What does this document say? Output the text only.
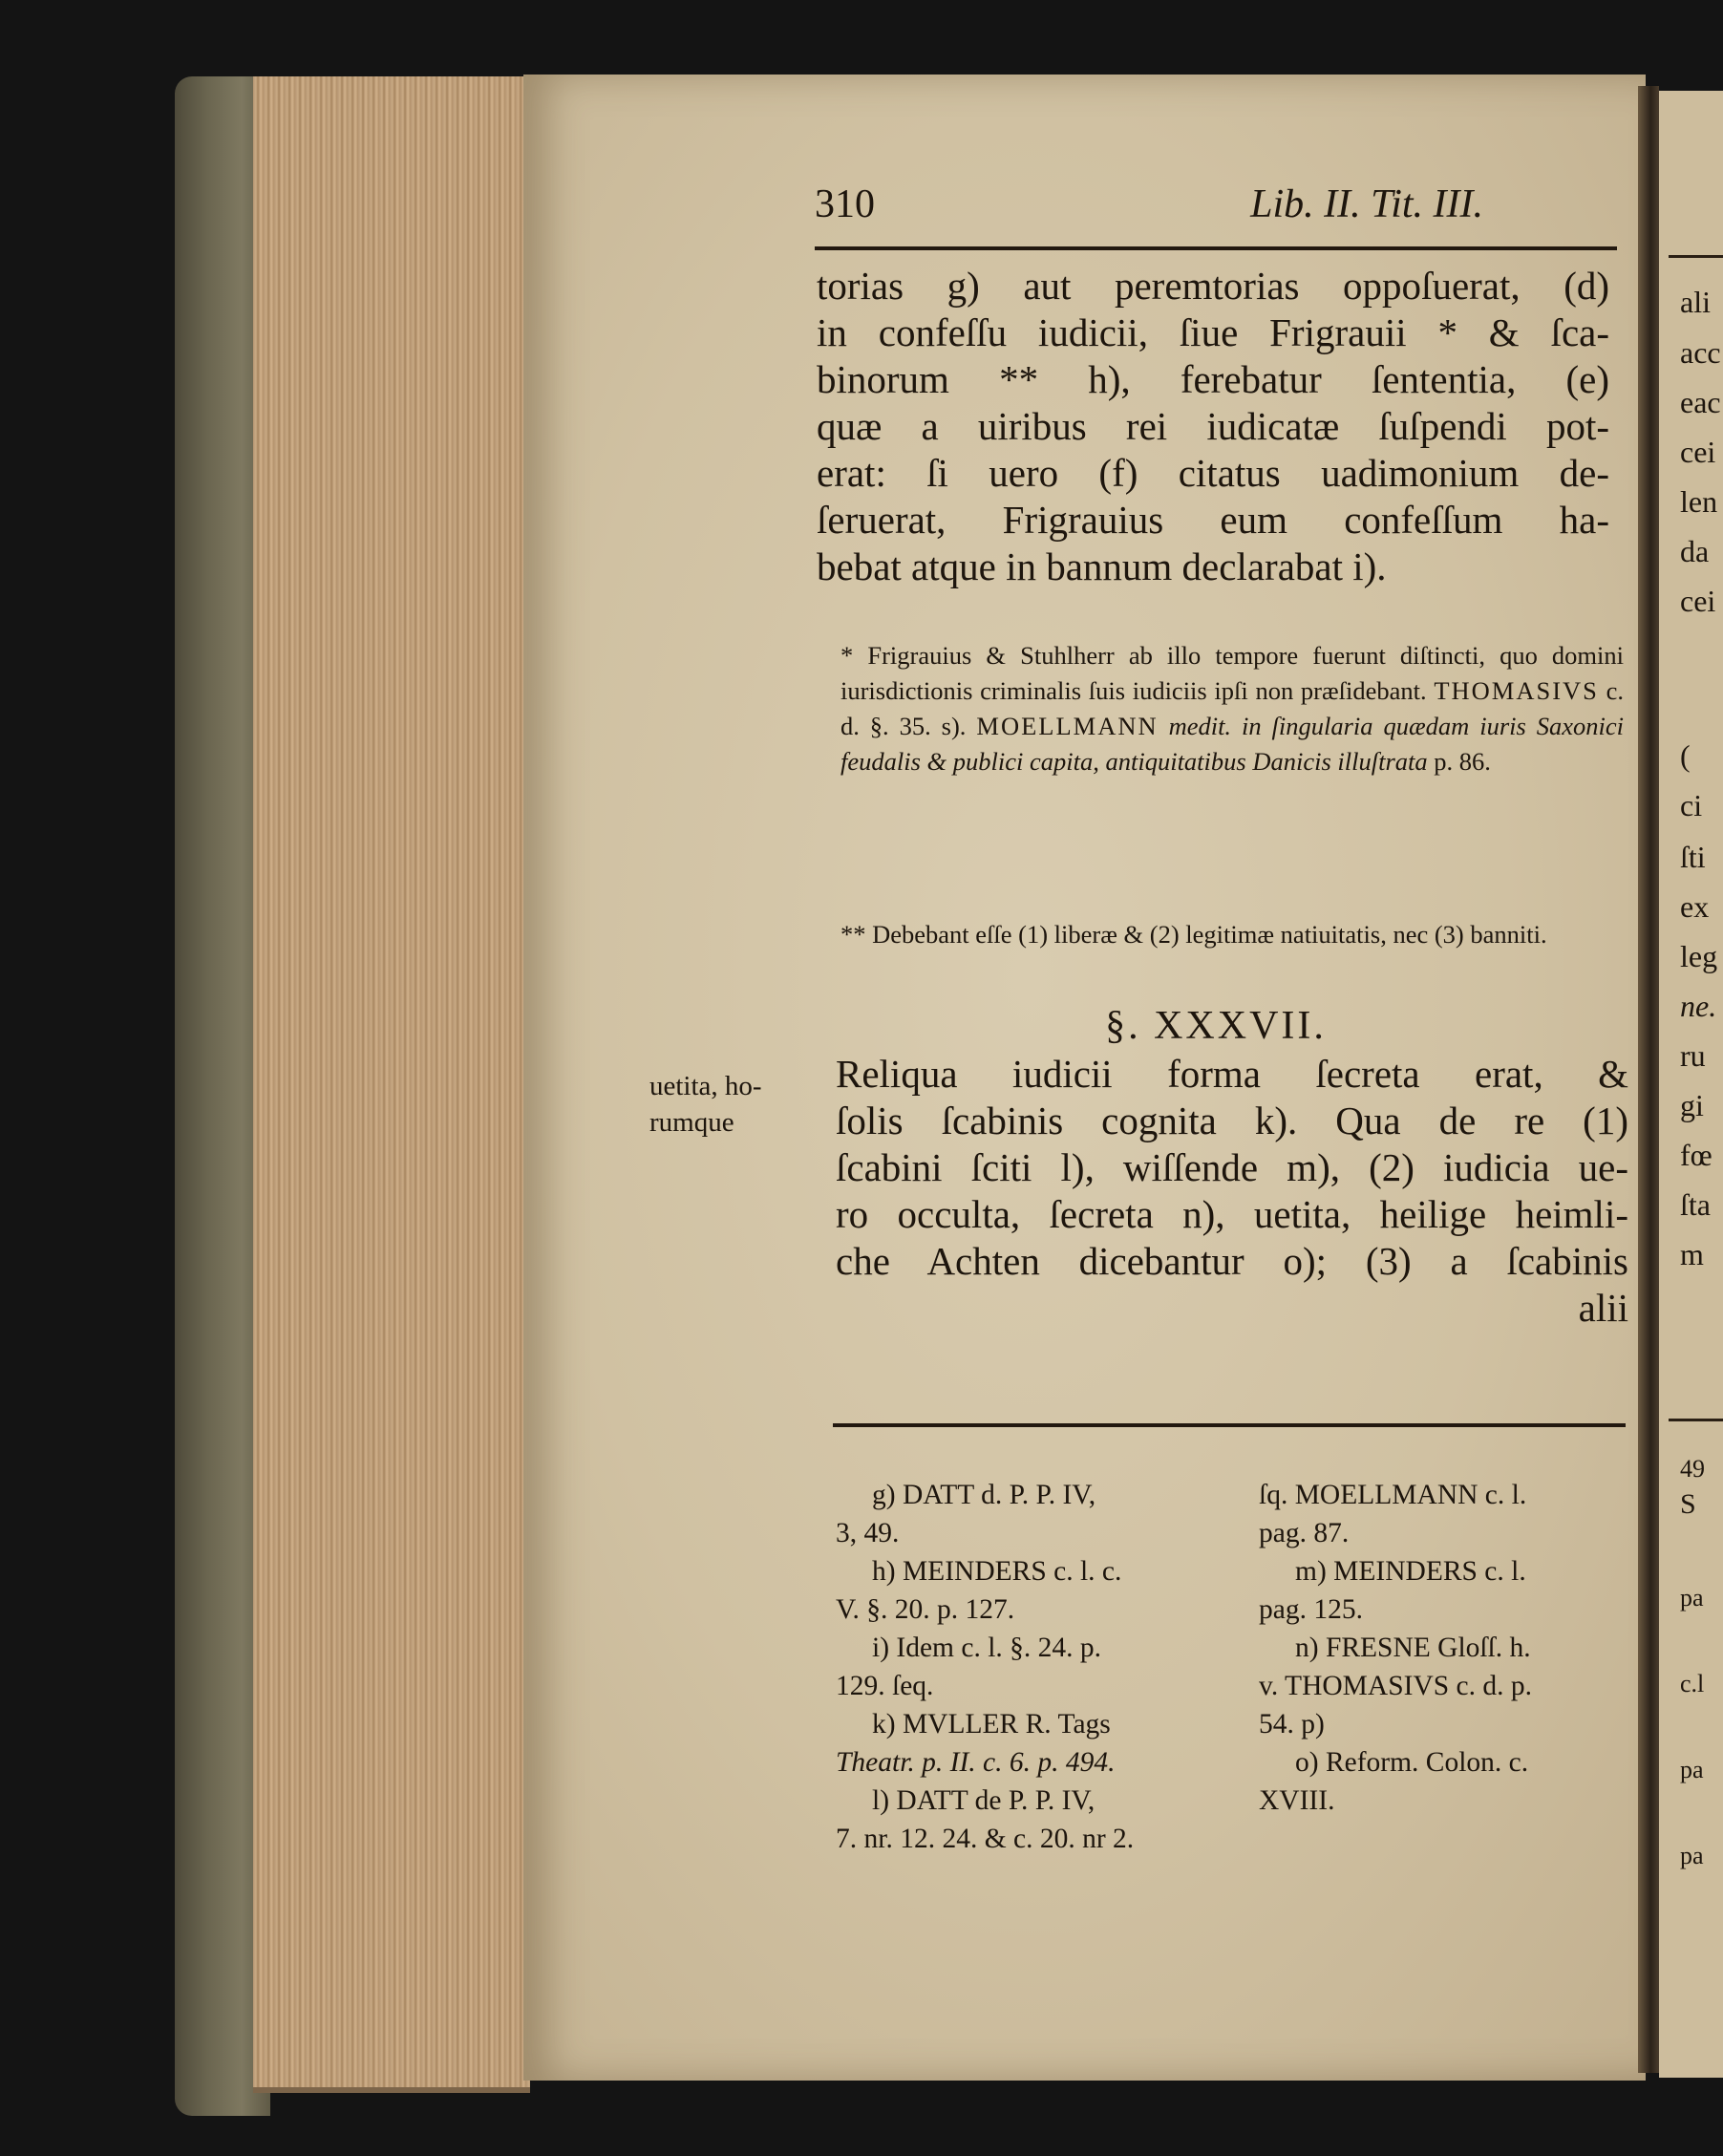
310	Lib. II. Tit. III.
torias g) aut peremtorias oppoſuerat, (d)
in confeſſu iudicii, ſiue Frigrauii * & ſca-
binorum ** h), ferebatur ſententia, (e)
quæ a uiribus rei iudicatæ ſuſpendi pot-
erat: ſi uero (f) citatus uadimonium de-
ſeruerat, Frigrauius eum confeſſum ha-
bebat atque in bannum declarabat i).
* Frigrauius & Stuhlherr ab illo tempore fuerunt diſtincti, quo domini iurisdictionis criminalis ſuis iudiciis ipſi non præſidebant. THOMASIVS c. d. §. 35. s). MOELLMANN medit. in ſingularia quædam iuris Saxonici feudalis & publici capita, antiquitatibus Danicis illuſtrata p. 86.
** Debebant eſſe (1) liberæ & (2) legitimæ natiuitatis, nec (3) banniti.
§. XXXVII.
uetita, ho-
rumque
Reliqua iudicii forma ſecreta erat, &
ſolis ſcabinis cognita k). Qua de re (1)
ſcabini ſciti l), wiſſende m), (2) iudicia ue-
ro occulta, ſecreta n), uetita, heilige heimli-
che Achten dicebantur o); (3) a ſcabinis
alii
g) DATT d. P. P. IV,
3, 49.
h) MEINDERS c. l. c.
V. §. 20. p. 127.
i) Idem c. l. §. 24. p.
129. ſeq.
k) MVLLER R. Tags
Theatr. p. II. c. 6. p. 494.
l) DATT de P. P. IV,
7. nr. 12. 24. & c. 20. nr 2.
ſq. MOELLMANN c. l.
pag. 87.
m) MEINDERS c. l.
pag. 125.
n) FRESNE Gloſſ. h.
v. THOMASIVS c. d. p.
54. p)
o) Reform. Colon. c.
XVIII.
ali
acc
eac
cei
len
da
cei
(
ci
ſti
ex
leg
ne.
ru
gi
fœ
ſta
m
49
S
pa
c.l
pa
pa
